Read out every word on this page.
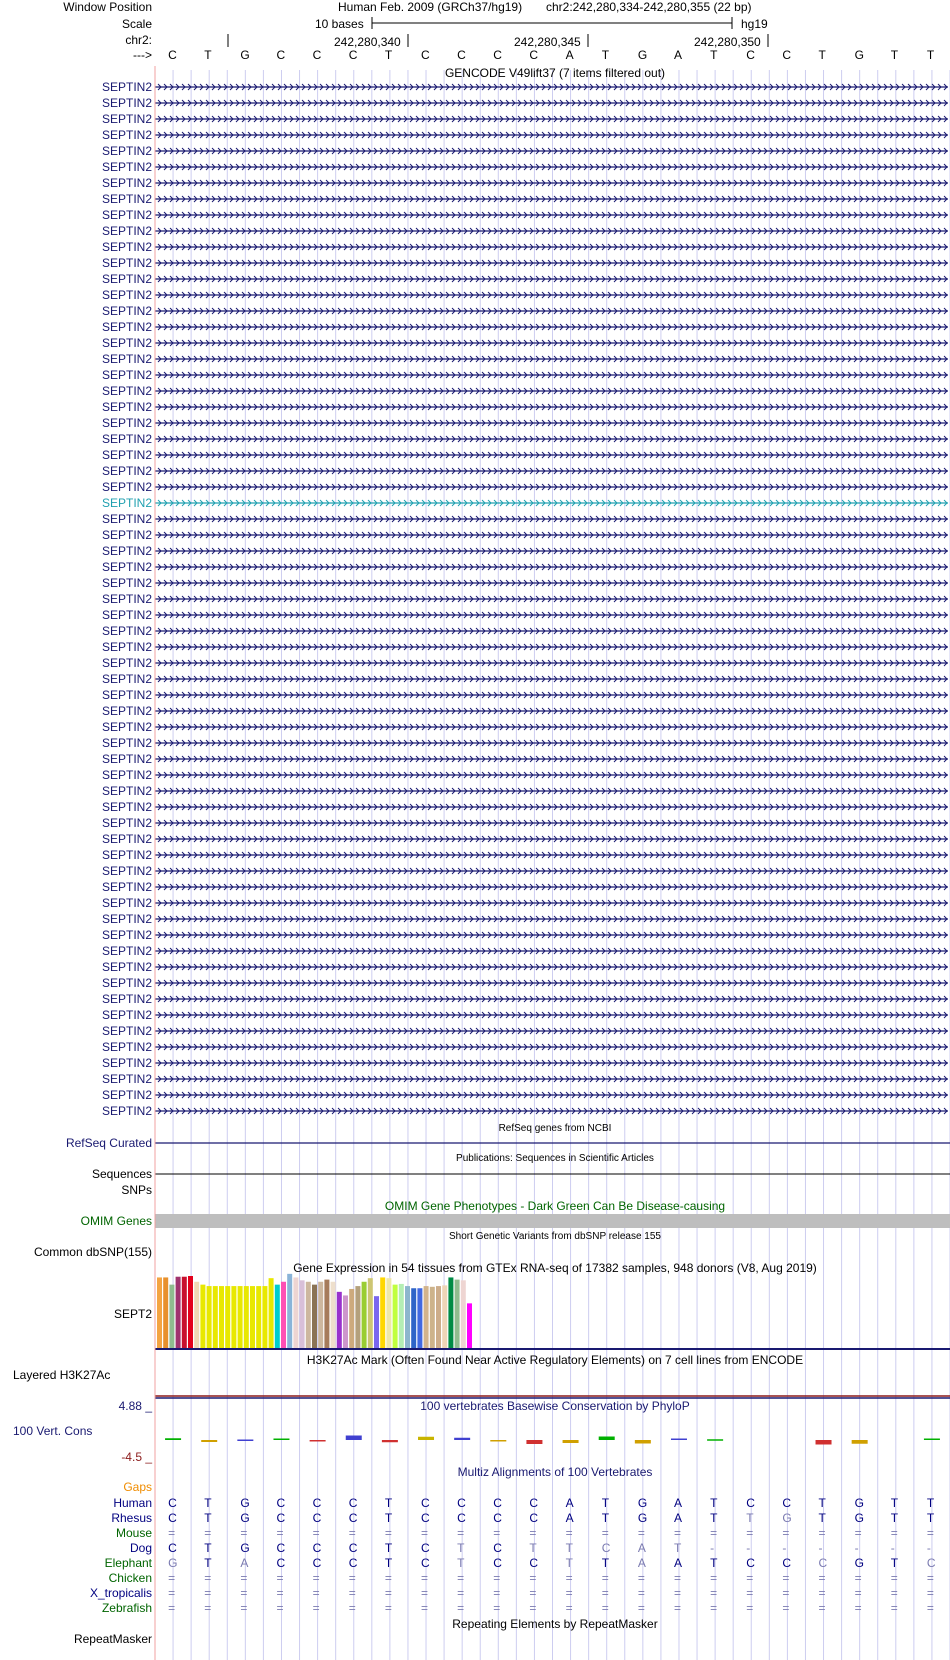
Window Position
Scale
chr2:
--->
Human Feb. 2009 (GRCh37/hg19) chr2:242,280,334-242,280,355 (22 bp)
10 bases	hg19
242,280,340	242,280,345	242,280,350
C T G C C C T C C C C A T G A T C C T G T T
GENCODE V49lift37 (7 items filtered out)
SEPTIN2
SEPTIN2
SEPTIN2
SEPTIN2
SEPTIN2
SEPTIN2
SEPTIN2
SEPTIN2
SEPTIN2
SEPTIN2
SEPTIN2
SEPTIN2
SEPTIN2
SEPTIN2
SEPTIN2
SEPTIN2
SEPTIN2
SEPTIN2
SEPTIN2
SEPTIN2
SEPTIN2
SEPTIN2
SEPTIN2
SEPTIN2
SEPTIN2
SEPTIN2
SEPTIN2
SEPTIN2
SEPTIN2
SEPTIN2
SEPTIN2
SEPTIN2
SEPTIN2
SEPTIN2
SEPTIN2
SEPTIN2
SEPTIN2
SEPTIN2
SEPTIN2
SEPTIN2
SEPTIN2
SEPTIN2
SEPTIN2
SEPTIN2
SEPTIN2
SEPTIN2
SEPTIN2
SEPTIN2
SEPTIN2
SEPTIN2
SEPTIN2
SEPTIN2
SEPTIN2
SEPTIN2
SEPTIN2
SEPTIN2
SEPTIN2
SEPTIN2
SEPTIN2
SEPTIN2
SEPTIN2
SEPTIN2
SEPTIN2
SEPTIN2
SEPTIN2
RefSeq genes from NCBI
RefSeq Curated
Publications: Sequences in Scientific Articles
Sequences
SNPs
OMIM Gene Phenotypes - Dark Green Can Be Disease-causing
OMIM Genes
Short Genetic Variants from dbSNP release 155
Common dbSNP(155)
Gene Expression in 54 tissues from GTEx RNA-seq of 17382 samples, 948 donors (V8, Aug 2019)
SEPT2
H3K27Ac Mark (Often Found Near Active Regulatory Elements) on 7 cell lines from ENCODE
Layered H3K27Ac
100 vertebrates Basewise Conservation by PhyloP
4.88 _
100 Vert. Cons
-4.5 _
Multiz Alignments of 100 Vertebrates
Gaps
Human C T G C C C T C C C C A T G A T C C T G T T
Rhesus C T G C C C T C C C C A T G A T T G T G T T
Mouse = = = = = = = = = = = = = = = = = = = = = =
Dog C T G C C C T C T C T T C A T -	-	-	-	-	-	-
Elephant G T A C C C T C T C C T T A A T C C C G T C
Chicken = = = = = = = = = = = = = = = = = = = = = =
X_tropicalis = = = = = = = = = = = = = = = = = = = = = =
Zebrafish = = = = = = = = = = = = = = = = = = = = = =
Repeating Elements by RepeatMasker
RepeatMasker
